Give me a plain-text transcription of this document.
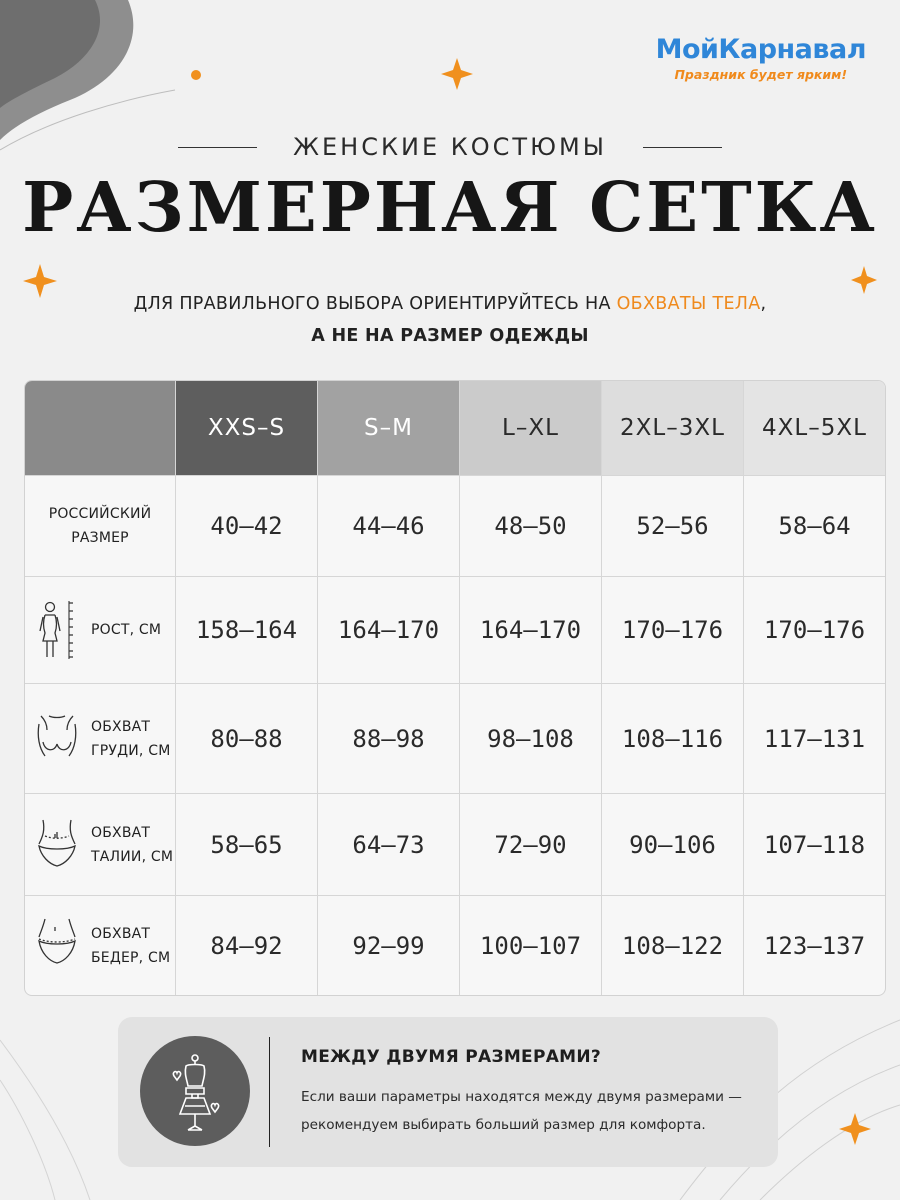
МойКарнавал
Праздник будет ярким!
ЖЕНСКИЕ КОСТЮМЫ
РАЗМЕРНАЯ СЕТКА
ДЛЯ ПРАВИЛЬНОГО ВЫБОРА ОРИЕНТИРУЙТЕСЬ НА ОБХВАТЫ ТЕЛА,
А НЕ НА РАЗМЕР ОДЕЖДЫ
XXS–S	S–M	L–XL	2XL–3XL	4XL–5XL
РОССИЙСКИЙ
РАЗМЕР	40–42	44–46	48–50	52–56	58–64
РОСТ, СМ	158–164	164–170	164–170	170–176	170–176
ОБХВАТ
ГРУДИ, СМ	80–88	88–98	98–108	108–116	117–131
ОБХВАТ
ТАЛИИ, СМ	58–65	64–73	72–90	90–106	107–118
ОБХВАТ
БЕДЕР, СМ	84–92	92–99	100–107	108–122	123–137
МЕЖДУ ДВУМЯ РАЗМЕРАМИ?
Если ваши параметры находятся между двумя размерами —
рекомендуем выбирать больший размер для комфорта.
